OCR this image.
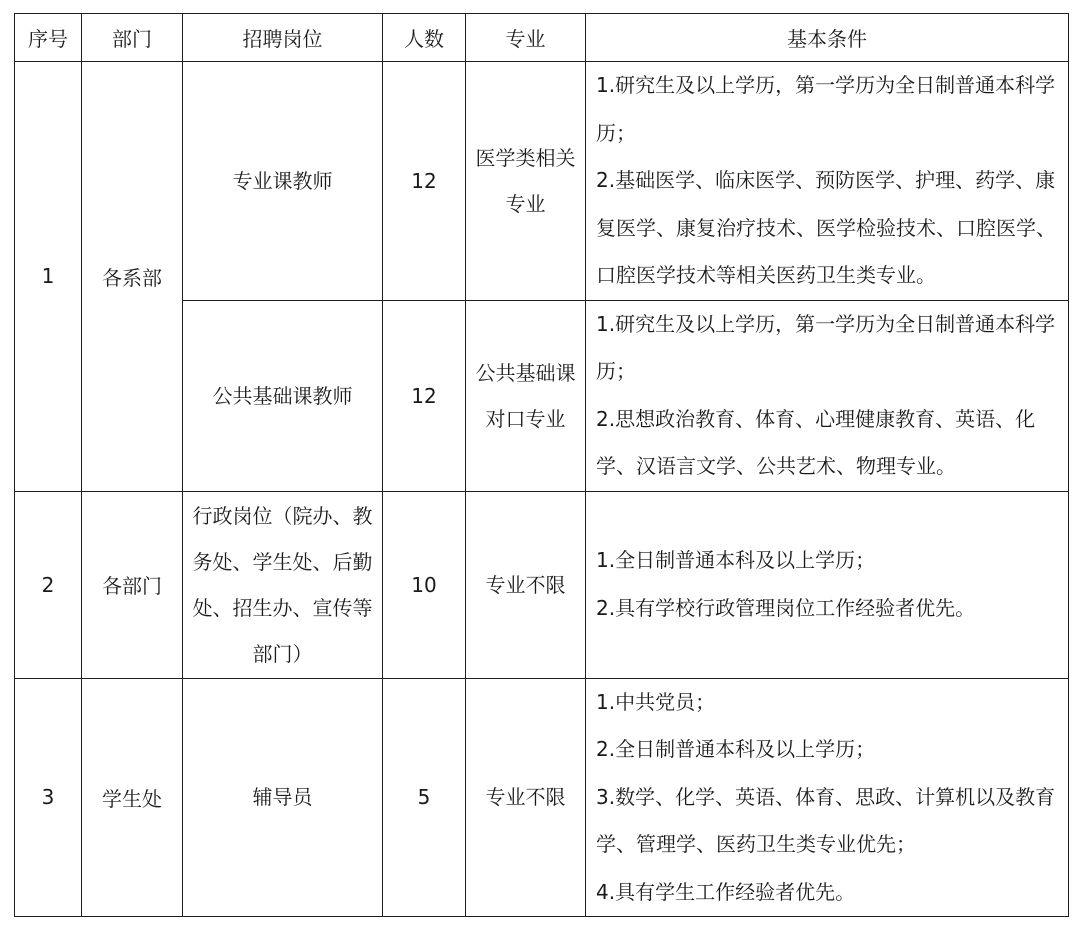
序号	部门	招聘岗位	人数	专业	基本条件
1	各系部	专业课教师	12	医学类相关专业	1.研究生及以上学历，第一学历为全日制普通本科学历；
2.基础医学、临床医学、预防医学、护理、药学、康复医学、康复治疗技术、医学检验技术、口腔医学、口腔医学技术等相关医药卫生类专业。

		公共基础课教师	12	公共基础课对口专业	1.研究生及以上学历，第一学历为全日制普通本科学历；
2.思想政治教育、体育、心理健康教育、英语、化学、汉语言文学、公共艺术、物理专业。

2	各部门	行政岗位（院办、教务处、学生处、后勤处、招生办、宣传等部门）	10	专业不限	1.全日制普通本科及以上学历；
2.具有学校行政管理岗位工作经验者优先。

3	学生处	辅导员	5	专业不限	1.中共党员；
2.全日制普通本科及以上学历；
3.数学、化学、英语、体育、思政、计算机以及教育学、管理学、医药卫生类专业优先；
4.具有学生工作经验者优先。
